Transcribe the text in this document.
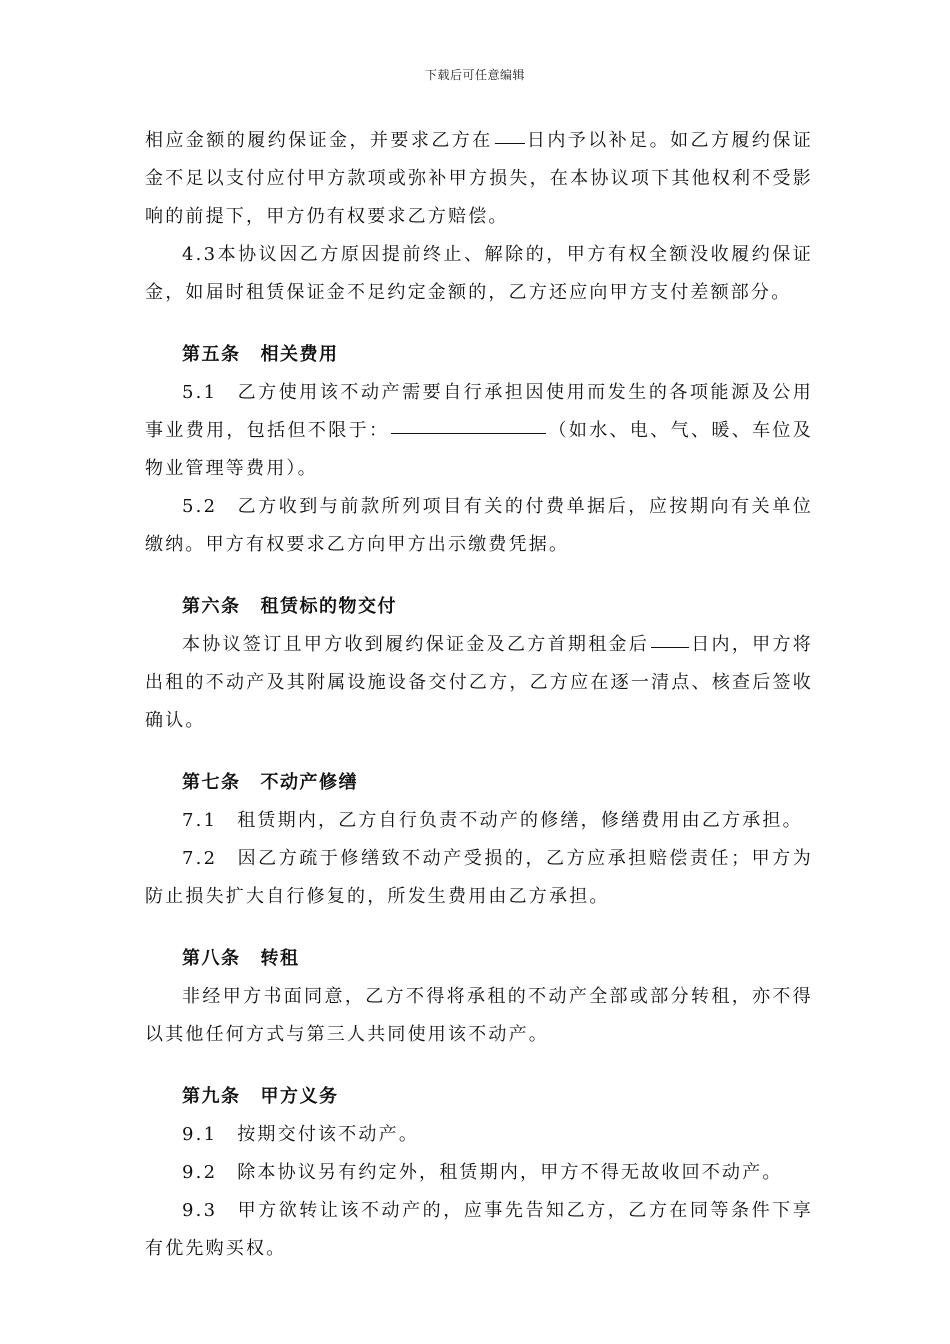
下载后可任意编辑

相应金额的履约保证金，并要求乙方在 日内予以补足。如乙方履约保证金不足以支付应付甲方款项或弥补甲方损失，在本协议项下其他权利不受影响的前提下，甲方仍有权要求乙方赔偿。

4.3本协议因乙方原因提前终止、解除的，甲方有权全额没收履约保证金，如届时租赁保证金不足约定金额的，乙方还应向甲方支付差额部分。

第五条 相关费用

5.1 乙方使用该不动产需要自行承担因使用而发生的各项能源及公用事业费用，包括但不限于：	（如水、电、气、暖、车位及物业管理等费用）。

5.2 乙方收到与前款所列项目有关的付费单据后，应按期向有关单位缴纳。甲方有权要求乙方向甲方出示缴费凭据。

第六条 租赁标的物交付

本协议签订且甲方收到履约保证金及乙方首期租金后 日内，甲方将出租的不动产及其附属设施设备交付乙方，乙方应在逐一清点、核查后签收确认。

第七条 不动产修缮

7.1 租赁期内，乙方自行负责不动产的修缮，修缮费用由乙方承担。

7.2 因乙方疏于修缮致不动产受损的，乙方应承担赔偿责任；甲方为防止损失扩大自行修复的，所发生费用由乙方承担。

第八条 转租

非经甲方书面同意，乙方不得将承租的不动产全部或部分转租，亦不得以其他任何方式与第三人共同使用该不动产。

第九条 甲方义务

9.1 按期交付该不动产。

9.2 除本协议另有约定外，租赁期内，甲方不得无故收回不动产。

9.3 甲方欲转让该不动产的，应事先告知乙方，乙方在同等条件下享有优先购买权。
